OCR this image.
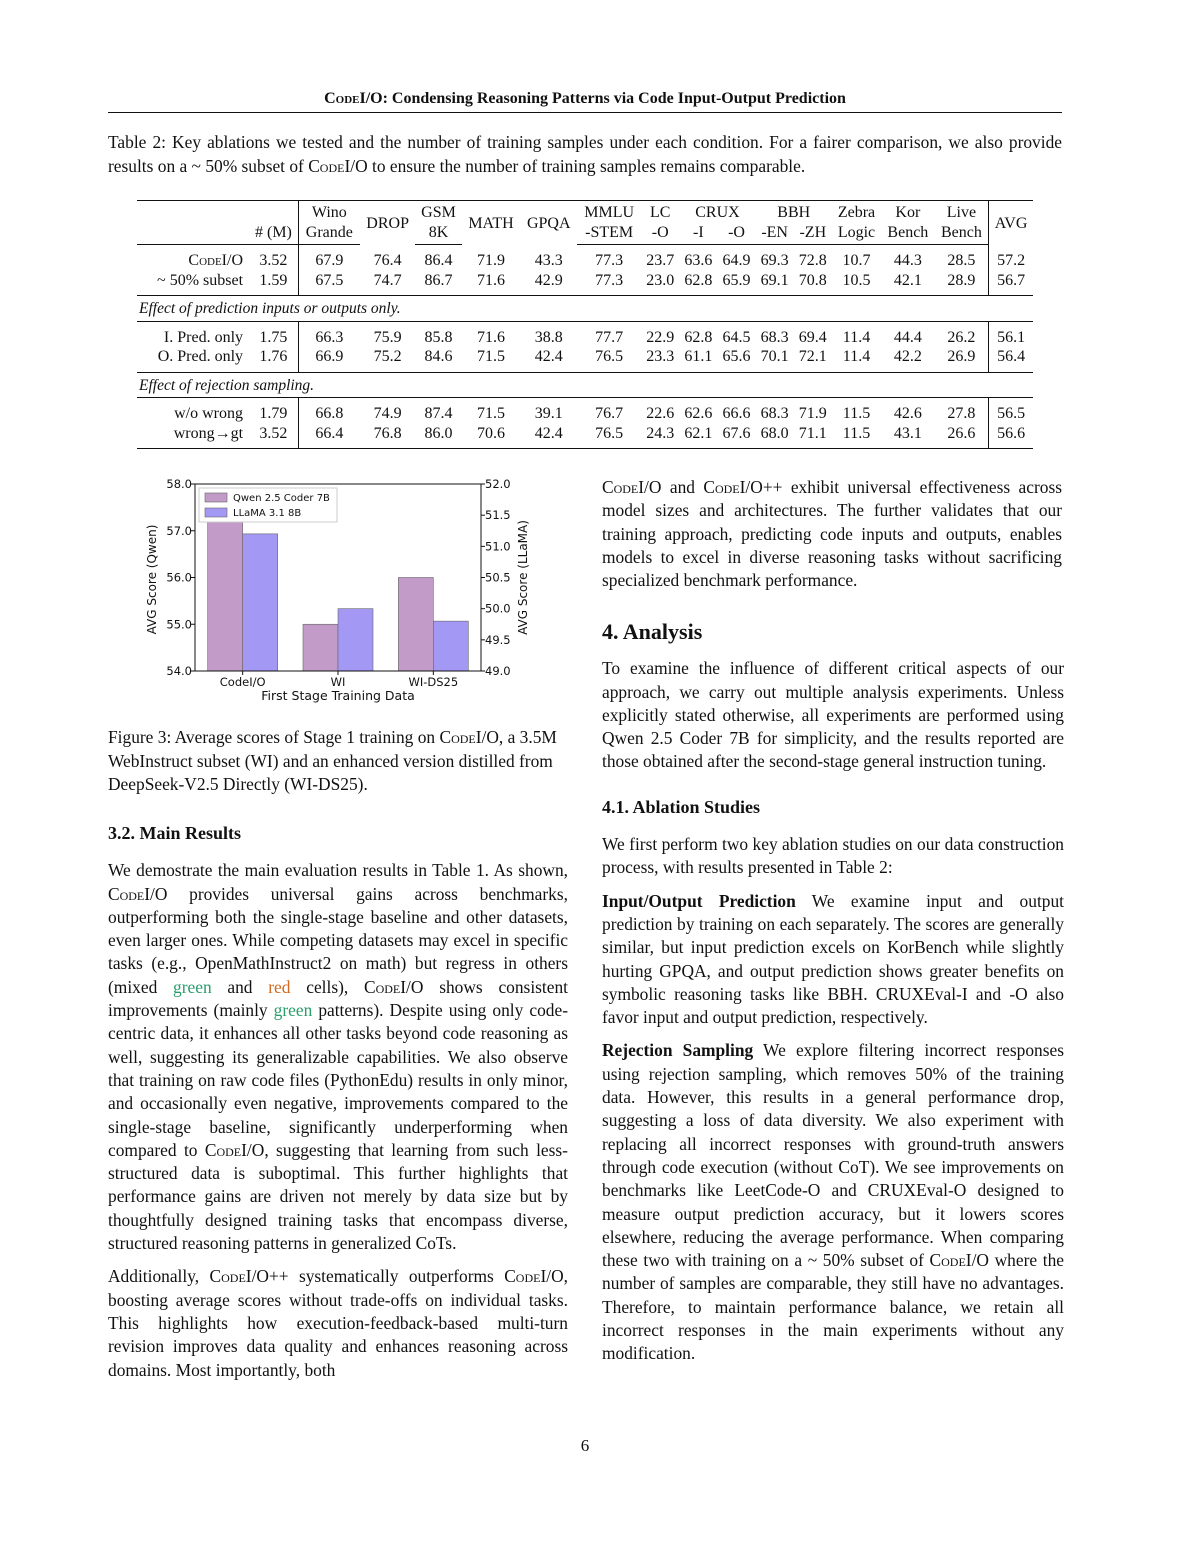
CodeI/O: Condensing Reasoning Patterns via Code Input-Output Prediction
Table 2: Key ablations we tested and the number of training samples under each condition. For a fairer comparison, we also provide results on a ~ 50% subset of CodeI/O to ensure the number of training samples remains comparable.
		Wino	DROP	GSM	MATH	GPQA	MMLU	LC	CRUX		BBH		Zebra	Kor	Live	AVG
	# (M)	Grande		8K			-STEM	-O	-I	-O	-EN	-ZH	Logic	Bench	Bench	
CodeI/O	3.52	67.9	76.4	86.4	71.9	43.3	77.3	23.7	63.6	64.9	69.3	72.8	10.7	44.3	28.5	57.2
~ 50% subset	1.59	67.5	74.7	86.7	71.6	42.9	77.3	23.0	62.8	65.9	69.1	70.8	10.5	42.1	28.9	56.7
Effect of prediction inputs or outputs only.																
I. Pred. only	1.75	66.3	75.9	85.8	71.6	38.8	77.7	22.9	62.8	64.5	68.3	69.4	11.4	44.4	26.2	56.1
O. Pred. only	1.76	66.9	75.2	84.6	71.5	42.4	76.5	23.3	61.1	65.6	70.1	72.1	11.4	42.2	26.9	56.4
Effect of rejection sampling.																
w/o wrong	1.79	66.8	74.9	87.4	71.5	39.1	76.7	22.6	62.6	66.6	68.3	71.9	11.5	42.6	27.8	56.5
wrong→gt	3.52	66.4	76.8	86.0	70.6	42.4	76.5	24.3	62.1	67.6	68.0	71.1	11.5	43.1	26.6	56.6
CodeI/O	WI	WI-DS25
54.0
55.0
56.0
57.0
58.0
49.0
49.5
50.0
50.5
51.0
51.5
52.0
First Stage Training Data
AVG Score (Qwen)	AVG Score (LLaMA)
Qwen 2.5 Coder 7B
LLaMA 3.1 8B
Figure 3: Average scores of Stage 1 training on CodeI/O, a 3.5M WebInstruct subset (WI) and an enhanced version distilled from DeepSeek-V2.5 Directly (WI-DS25).
3.2. Main Results

We demostrate the main evaluation results in Table 1. As shown, CodeI/O provides universal gains across benchmarks, outperforming both the single-stage baseline and other datasets, even larger ones. While competing datasets may excel in specific tasks (e.g., OpenMathInstruct2 on math) but regress in others (mixed green and red cells), CodeI/O shows consistent improvements (mainly green patterns). Despite using only code-centric data, it enhances all other tasks beyond code reasoning as well, suggesting its generalizable capabilities. We also observe that training on raw code files (PythonEdu) results in only minor, and occasionally even negative, improvements compared to the single-stage baseline, significantly underperforming when compared to CodeI/O, suggesting that learning from such less-structured data is suboptimal. This further highlights that performance gains are driven not merely by data size but by thoughtfully designed training tasks that encompass diverse, structured reasoning patterns in generalized CoTs.

Additionally, CodeI/O++ systematically outperforms CodeI/O, boosting average scores without trade-offs on individual tasks. This highlights how execution-feedback-based multi-turn revision improves data quality and enhances reasoning across domains. Most importantly, both

CodeI/O and CodeI/O++ exhibit universal effectiveness across model sizes and architectures. The further validates that our training approach, predicting code inputs and outputs, enables models to excel in diverse reasoning tasks without sacrificing specialized benchmark performance.

4. Analysis

To examine the influence of different critical aspects of our approach, we carry out multiple analysis experiments. Unless explicitly stated otherwise, all experiments are performed using Qwen 2.5 Coder 7B for simplicity, and the results reported are those obtained after the second-stage general instruction tuning.

4.1. Ablation Studies

We first perform two key ablation studies on our data construction process, with results presented in Table 2:

Input/Output Prediction We examine input and output prediction by training on each separately. The scores are generally similar, but input prediction excels on KorBench while slightly hurting GPQA, and output prediction shows greater benefits on symbolic reasoning tasks like BBH. CRUXEval-I and -O also favor input and output prediction, respectively.

Rejection Sampling We explore filtering incorrect responses using rejection sampling, which removes 50% of the training data. However, this results in a general performance drop, suggesting a loss of data diversity. We also experiment with replacing all incorrect responses with ground-truth answers through code execution (without CoT). We see improvements on benchmarks like LeetCode-O and CRUXEval-O designed to measure output prediction accuracy, but it lowers scores elsewhere, reducing the average performance. When comparing these two with training on a ~ 50% subset of CodeI/O where the number of samples are comparable, they still have no advantages. Therefore, to maintain performance balance, we retain all incorrect responses in the main experiments without any modification.

6
